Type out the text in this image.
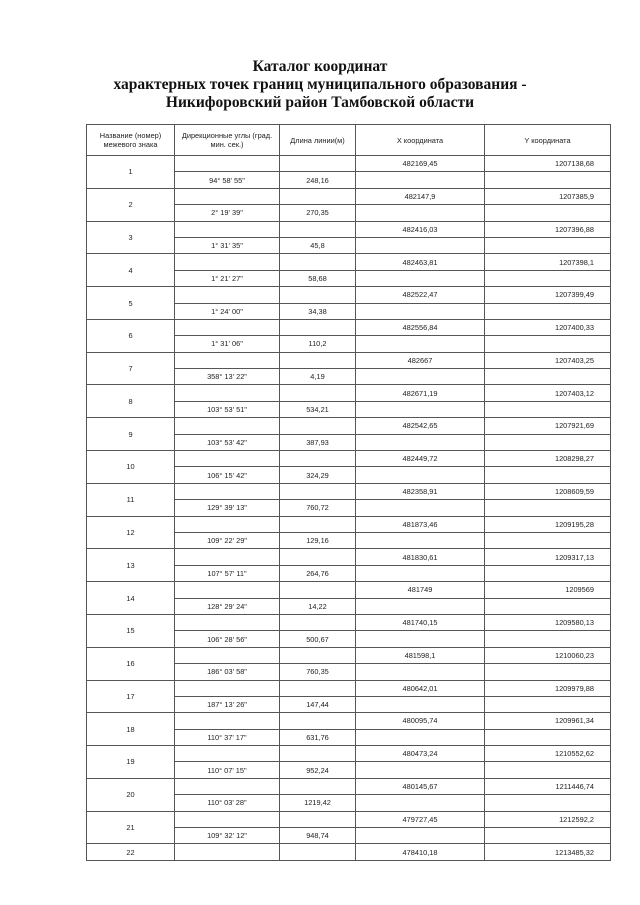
Каталог координат
характерных точек границ муниципального образования -
Никифоровский район Тамбовской области
Название (номер) межевого знака	Дирекционные углы (град. мин. сек.)	Длина линии(м)	X координата	Y координата
1			482169,45	1207138,68
	94° 58' 55"	248,16		
2			482147,9	1207385,9
	2° 19' 39"	270,35		
3			482416,03	1207396,88
	1° 31' 35"	45,8		
4			482463,81	1207398,1
	1° 21' 27"	58,68		
5			482522,47	1207399,49
	1° 24' 00"	34,38		
6			482556,84	1207400,33
	1° 31' 06"	110,2		
7			482667	1207403,25
	358° 13' 22"	4,19		
8			482671,19	1207403,12
	103° 53' 51"	534,21		
9			482542,65	1207921,69
	103° 53' 42"	387,93		
10			482449,72	1208298,27
	106° 15' 42"	324,29		
11			482358,91	1208609,59
	129° 39' 13"	760,72		
12			481873,46	1209195,28
	109° 22' 29"	129,16		
13			481830,61	1209317,13
	107° 57' 11"	264,76		
14			481749	1209569
	128° 29' 24"	14,22		
15			481740,15	1209580,13
	106° 28' 56"	500,67		
16			481598,1	1210060,23
	186° 03' 58"	760,35		
17			480642,01	1209979,88
	187° 13' 26"	147,44		
18			480095,74	1209961,34
	110° 37' 17"	631,76		
19			480473,24	1210552,62
	110° 07' 15"	952,24		
20			480145,67	1211446,74
	110° 03' 28"	1219,42		
21			479727,45	1212592,2
	109° 32' 12"	948,74		
22			478410,18	1213485,32
